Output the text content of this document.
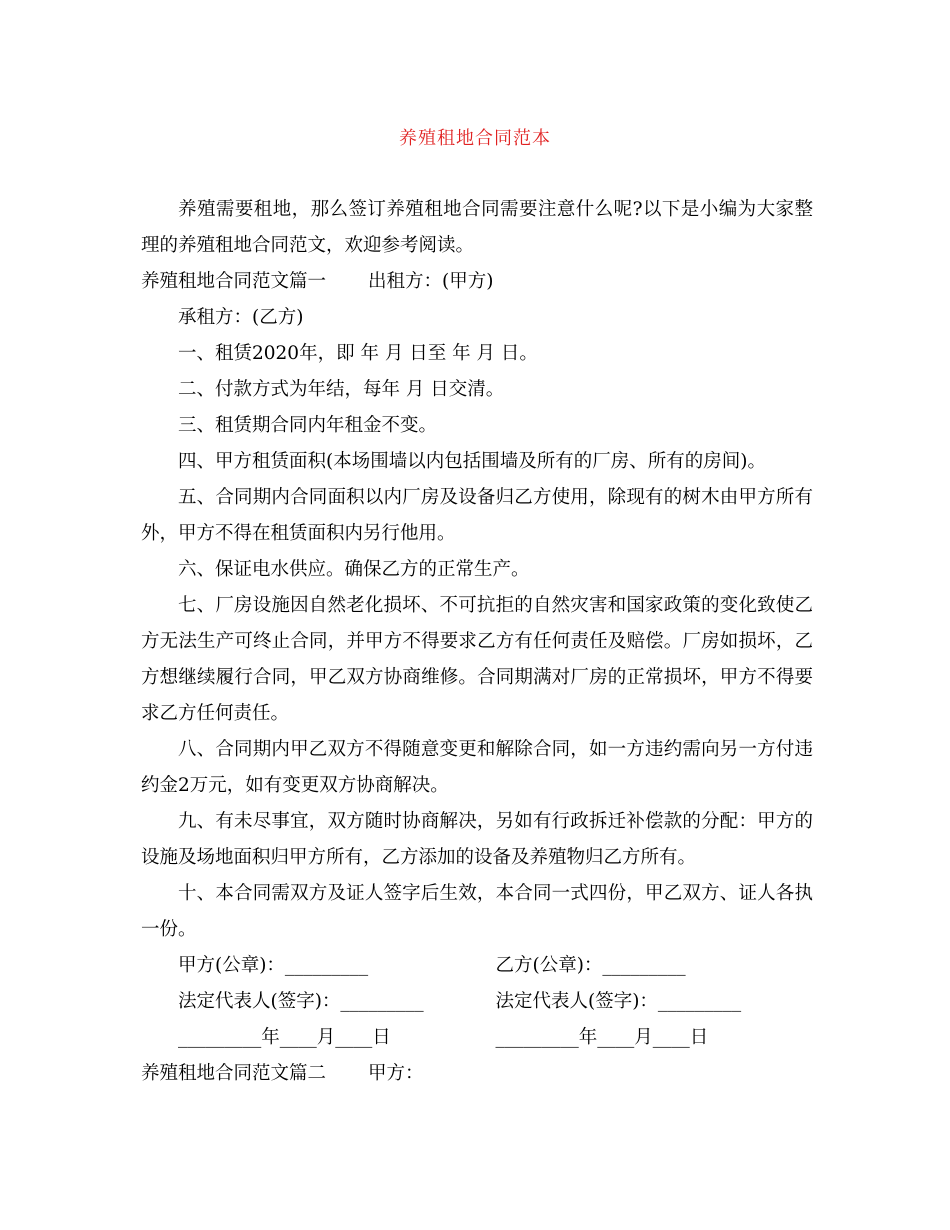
养殖租地合同范本

养殖需要租地，那么签订养殖租地合同需要注意什么呢?以下是小编为大家整理的养殖租地合同范文，欢迎参考阅读。

养殖租地合同范文篇一 出租方：(甲方)

承租方：(乙方)

一、租赁2020年，即 年 月 日至 年 月 日。

二、付款方式为年结，每年 月 日交清。

三、租赁期合同内年租金不变。

四、甲方租赁面积(本场围墙以内包括围墙及所有的厂房、所有的房间)。

五、合同期内合同面积以内厂房及设备归乙方使用，除现有的树木由甲方所有外，甲方不得在租赁面积内另行他用。

六、保证电水供应。确保乙方的正常生产。

七、厂房设施因自然老化损坏、不可抗拒的自然灾害和国家政策的变化致使乙方无法生产可终止合同，并甲方不得要求乙方有任何责任及赔偿。厂房如损坏，乙方想继续履行合同，甲乙双方协商维修。合同期满对厂房的正常损坏，甲方不得要求乙方任何责任。

八、合同期内甲乙双方不得随意变更和解除合同，如一方违约需向另一方付违约金2万元，如有变更双方协商解决。

九、有未尽事宜，双方随时协商解决，另如有行政拆迁补偿款的分配：甲方的设施及场地面积归甲方所有，乙方添加的设备及养殖物归乙方所有。

十、本合同需双方及证人签字后生效，本合同一式四份，甲乙双方、证人各执一份。

甲方(公章)：_________	乙方(公章)：_________
法定代表人(签字)：_________	法定代表人(签字)：_________
_________年____月____日	_________年____月____日

养殖租地合同范文篇二 甲方：
